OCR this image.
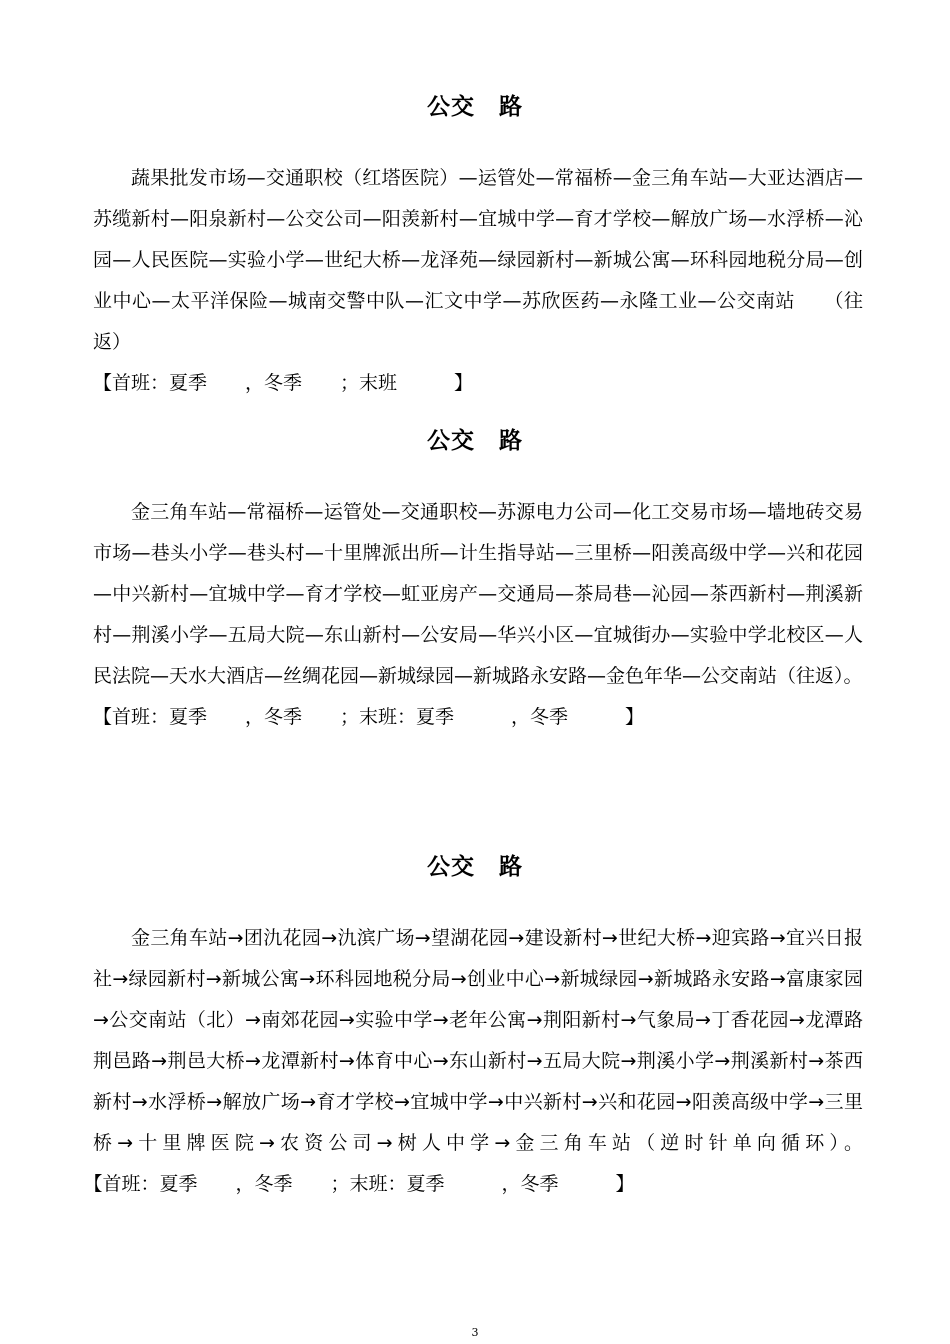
公交　路
蔬果批发市场—交通职校（红塔医院）—运管处—常福桥—金三角车站—大亚达酒店—苏缆新村—阳泉新村—公交公司—阳羡新村—宜城中学—育才学校—解放广场—水浮桥—沁园—人民医院—实验小学—世纪大桥—龙泽苑—绿园新村—新城公寓—环科园地税分局—创业中心—太平洋保险—城南交警中队—汇文中学—苏欣医药—永隆工业—公交南站　　（往返）
【首班：夏季　　，冬季　　；末班　　　】
公交　路
金三角车站—常福桥—运管处—交通职校—苏源电力公司—化工交易市场—墙地砖交易市场—巷头小学—巷头村—十里牌派出所—计生指导站—三里桥—阳羡高级中学—兴和花园—中兴新村—宜城中学—育才学校—虹亚房产—交通局—茶局巷—沁园—茶西新村—荆溪新村—荆溪小学—五局大院—东山新村—公安局—华兴小区—宜城街办—实验中学北校区—人民法院—天水大酒店—丝绸花园—新城绿园—新城路永安路—金色年华—公交南站（往返）。
【首班：夏季　　，冬季　　；末班：夏季　　　，冬季　　　】
公交　路
金三角车站→团氿花园→氿滨广场→望湖花园→建设新村→世纪大桥→迎宾路→宜兴日报社→绿园新村→新城公寓→环科园地税分局→创业中心→新城绿园→新城路永安路→富康家园→公交南站（北）→南郊花园→实验中学→老年公寓→荆阳新村→气象局→丁香花园→龙潭路荆邑路→荆邑大桥→龙潭新村→体育中心→东山新村→五局大院→荆溪小学→荆溪新村→茶西新村→水浮桥→解放广场→育才学校→宜城中学→中兴新村→兴和花园→阳羡高级中学→三里桥→十里牌医院→农资公司→树人中学→金三角车站（逆时针单向循环）。【首班：夏季　　，冬季　　；末班：夏季　　　，冬季　　　】
3
